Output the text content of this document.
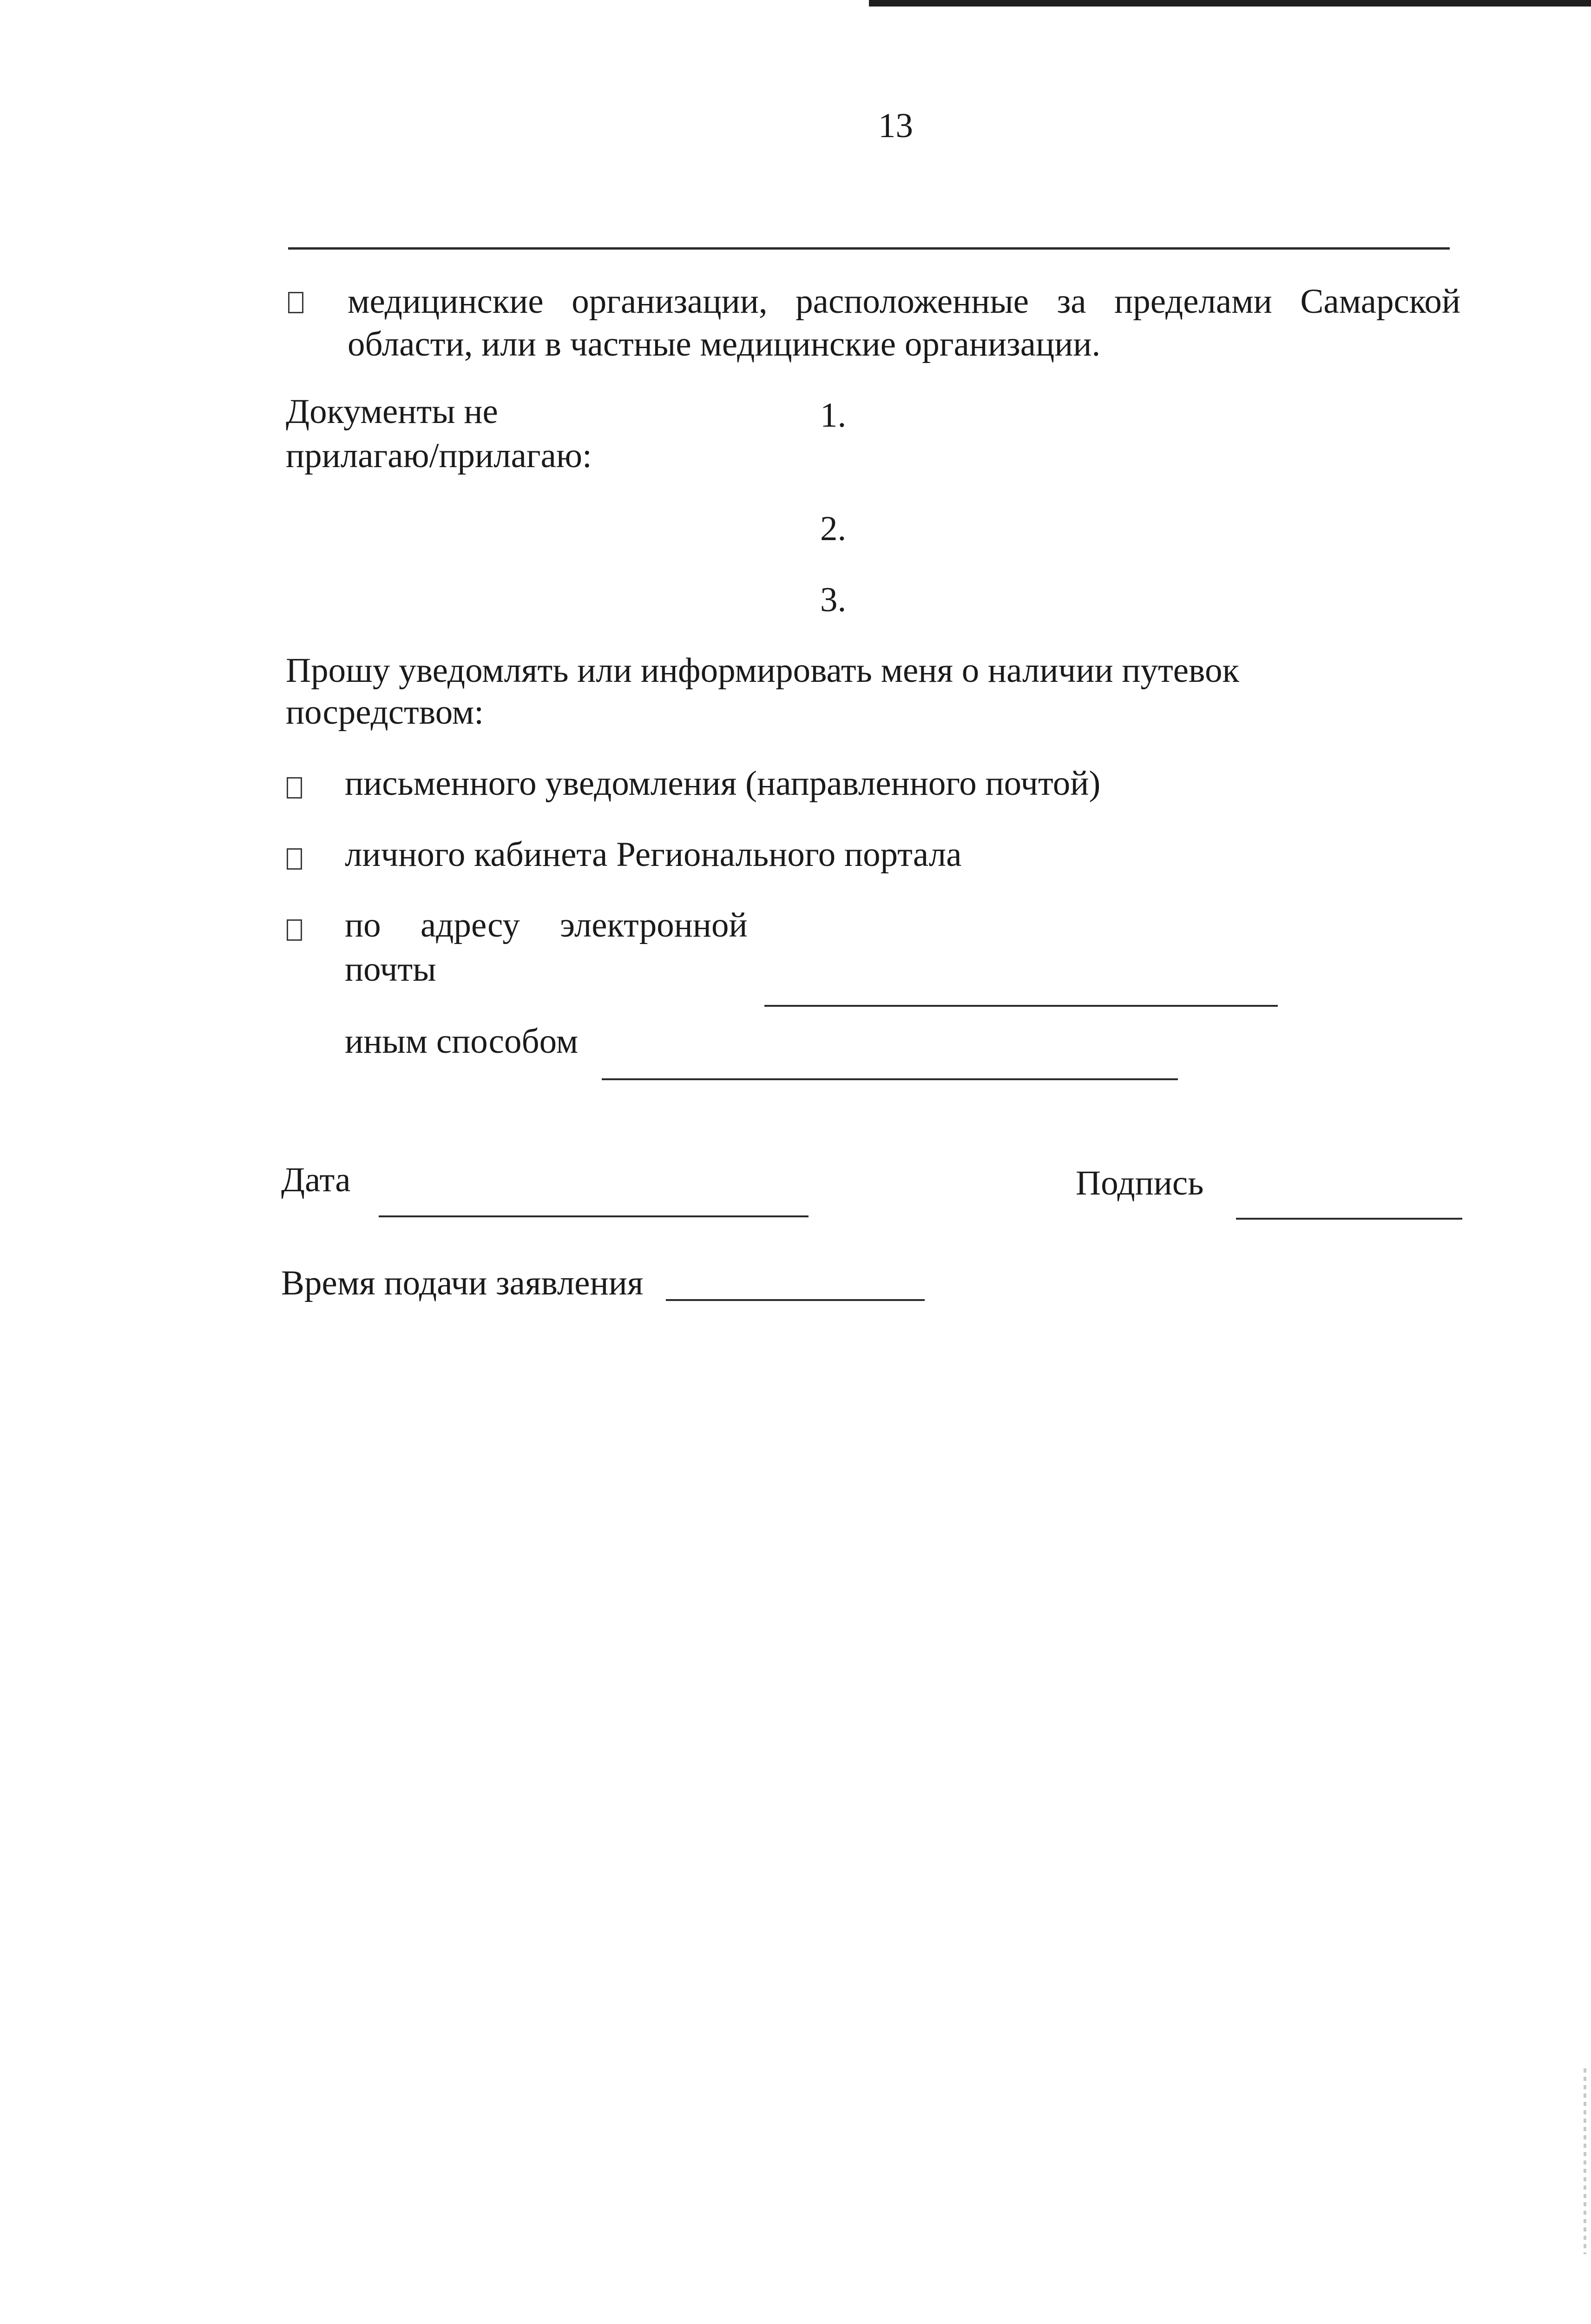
13
медицинские организации, расположенные за пределами Самарской
области, или в частные медицинские организации.
Документы не
прилагаю/прилагаю:
1.
2.
3.
Прошу уведомлять или информировать меня о наличии путевок
посредством:
письменного уведомления (направленного почтой)
личного кабинета Регионального портала
по адресу электронной
почты
иным способом
Дата	Подпись
Время подачи заявления
